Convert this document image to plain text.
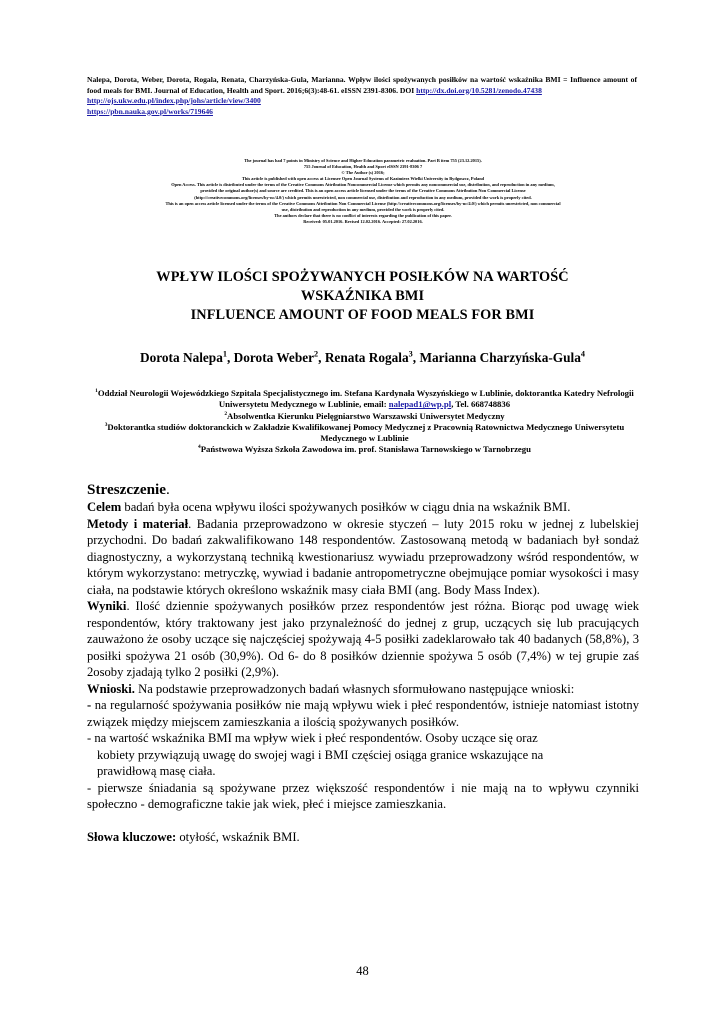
Nalepa, Dorota, Weber, Dorota, Rogala, Renata, Charzyńska-Gula, Marianna. Wpływ ilości spożywanych posiłków na wartość wskaźnika BMI = Influence amount of food meals for BMI. Journal of Education, Health and Sport. 2016;6(3):48-61. eISSN 2391-8306. DOI http://dx.doi.org/10.5281/zenodo.47438
http://ojs.ukw.edu.pl/index.php/johs/article/view/3400
https://pbn.nauka.gov.pl/works/719646
The journal has had 7 points in Ministry of Science and Higher Education parametric evaluation. Part B item 755 (23.12.2015).
755 Journal of Education, Health and Sport eISSN 2391-8306 7
© The Author (s) 2016;
This article is published with open access at Licensee Open Journal Systems of Kazimierz Wielki University in Bydgoszcz, Poland
Open Access. This article is distributed under the terms of the Creative Commons Attribution Noncommercial License which permits any noncommercial use, distribution, and reproduction in any medium,
provided the original author(s) and source are credited. This is an open access article licensed under the terms of the Creative Commons Attribution Non Commercial License
(http://creativecommons.org/licenses/by-nc/4.0/) which permits unrestricted, non commercial use, distribution and reproduction in any medium, provided the work is properly cited.
This is an open access article licensed under the terms of the Creative Commons Attribution Non Commercial License (http://creativecommons.org/licenses/by-nc/4.0/) which permits unrestricted, non commercial
use, distribution and reproduction in any medium, provided the work is properly cited.
The authors declare that there is no conflict of interests regarding the publication of this paper.
Received: 05.01.2016. Revised 12.02.2016. Accepted: 27.02.2016.
WPŁYW ILOŚCI SPOŻYWANYCH POSIŁKÓW NA WARTOŚĆ
WSKAŹNIKA BMI
INFLUENCE AMOUNT OF FOOD MEALS FOR BMI
Dorota Nalepa$^1$, Dorota Weber$^2$, Renata Rogala$^3$, Marianna Charzyńska-Gula$^4$
$^1$Oddział Neurologii Wojewódzkiego Szpitala Specjalistycznego im. Stefana Kardynała Wyszyńskiego w Lublinie, doktorantka Katedry Nefrologii Uniwersytetu Medycznego w Lublinie, email: nalepad1@wp.pl, Tel. 668748836
$^2$Absolwentka Kierunku Pielęgniarstwo Warszawski Uniwersytet Medyczny
$^3$Doktorantka studiów doktoranckich w Zakładzie Kwalifikowanej Pomocy Medycznej z Pracownią Ratownictwa Medycznego Uniwersytetu Medycznego w Lublinie
$^4$Państwowa Wyższa Szkoła Zawodowa im. prof. Stanisława Tarnowskiego w Tarnobrzegu

Streszczenie.

Celem badań była ocena wpływu ilości spożywanych posiłków w ciągu dnia na wskaźnik BMI.

Metody i materiał. Badania przeprowadzono w okresie styczeń – luty 2015 roku w jednej z lubelskiej przychodni. Do badań zakwalifikowano 148 respondentów. Zastosowaną metodą w badaniach był sondaż diagnostyczny, a wykorzystaną techniką kwestionariusz wywiadu przeprowadzony wśród respondentów, w którym wykorzystano: metryczkę, wywiad i badanie antropometryczne obejmujące pomiar wysokości i masy ciała, na podstawie których określono wskaźnik masy ciała BMI (ang. Body Mass Index).

Wyniki. Ilość dziennie spożywanych posiłków przez respondentów jest różna. Biorąc pod uwagę wiek respondentów, który traktowany jest jako przynależność do jednej z grup, uczących się lub pracujących zauważono że osoby uczące się najczęściej spożywają 4-5 posiłki zadeklarowało tak 40 badanych (58,8%), 3 posiłki spożywa 21 osób (30,9%). Od 6- do 8 posiłków dziennie spożywa 5 osób (7,4%) w tej grupie zaś 2osoby zjadają tylko 2 posiłki (2,9%).

Wnioski. Na podstawie przeprowadzonych badań własnych sformułowano następujące wnioski:

- na regularność spożywania posiłków nie mają wpływu wiek i płeć respondentów, istnieje natomiast istotny związek między miejscem zamieszkania a ilością spożywanych posiłków.

- na wartość wskaźnika BMI ma wpływ wiek i płeć respondentów. Osoby uczące się oraz
kobiety przywiązują uwagę do swojej wagi i BMI częściej osiąga granice wskazujące na
prawidłową masę ciała.

- pierwsze śniadania są spożywane przez większość respondentów i nie mają na to wpływu czynniki społeczno - demograficzne takie jak wiek, płeć i miejsce zamieszkania.

Słowa kluczowe: otyłość, wskaźnik BMI.

48
